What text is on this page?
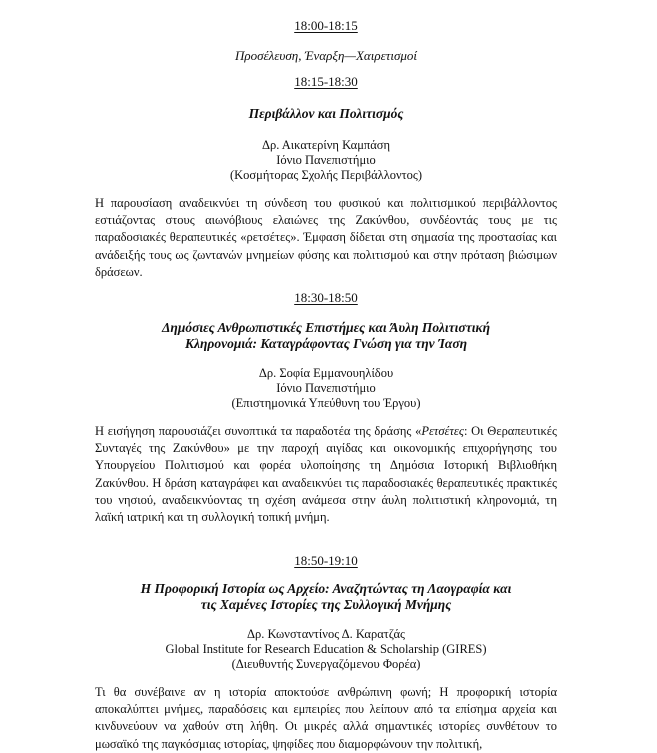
18:00-18:15

Προσέλευση, Έναρξη—Χαιρετισμοί

18:15-18:30

Περιβάλλον και Πολιτισμός

Δρ. Αικατερίνη Καμπάση
Ιόνιο Πανεπιστήμιο
(Κοσμήτορας Σχολής Περιβάλλοντος)

Η παρουσίαση αναδεικνύει τη σύνδεση του φυσικού και πολιτισμικού περιβάλλοντος εστιάζοντας στους αιωνόβιους ελαιώνες της Ζακύνθου, συνδέοντάς τους με τις παραδοσιακές θεραπευτικές «ρετσέτες». Έμφαση δίδεται στη σημασία της προστασίας και ανάδειξής τους ως ζωντανών μνημείων φύσης και πολιτισμού και στην πρόταση βιώσιμων δράσεων.

18:30-18:50

Δημόσιες Ανθρωπιστικές Επιστήμες και Άυλη Πολιτιστική
Κληρονομιά: Καταγράφοντας Γνώση για την Ίαση

Δρ. Σοφία Εμμανουηλίδου
Ιόνιο Πανεπιστήμιο
(Επιστημονικά Υπεύθυνη του Έργου)

Η εισήγηση παρουσιάζει συνοπτικά τα παραδοτέα της δράσης «Ρετσέτες: Οι Θεραπευτικές Συνταγές της Ζακύνθου» με την παροχή αιγίδας και οικονομικής επιχορήγησης του Υπουργείου Πολιτισμού και φορέα υλοποίησης τη Δημόσια Ιστορική Βιβλιοθήκη Ζακύνθου. Η δράση καταγράφει και αναδεικνύει τις παραδοσιακές θεραπευτικές πρακτικές του νησιού, αναδεικνύοντας τη σχέση ανάμεσα στην άυλη πολιτιστική κληρονομιά, τη λαϊκή ιατρική και τη συλλογική τοπική μνήμη.

18:50-19:10

Η Προφορική Ιστορία ως Αρχείο: Αναζητώντας τη Λαογραφία και
τις Χαμένες Ιστορίες της Συλλογική Μνήμης

Δρ. Κωνσταντίνος Δ. Καρατζάς
Global Institute for Research Education & Scholarship (GIRES)
(Διευθυντής Συνεργαζόμενου Φορέα)

Τι θα συνέβαινε αν η ιστορία αποκτούσε ανθρώπινη φωνή; Η προφορική ιστορία αποκαλύπτει μνήμες, παραδόσεις και εμπειρίες που λείπουν από τα επίσημα αρχεία και κινδυνεύουν να χαθούν στη λήθη. Οι μικρές αλλά σημαντικές ιστορίες συνθέτουν το μωσαϊκό της παγκόσμιας ιστορίας, ψηφίδες που διαμορφώνουν την πολιτική,
